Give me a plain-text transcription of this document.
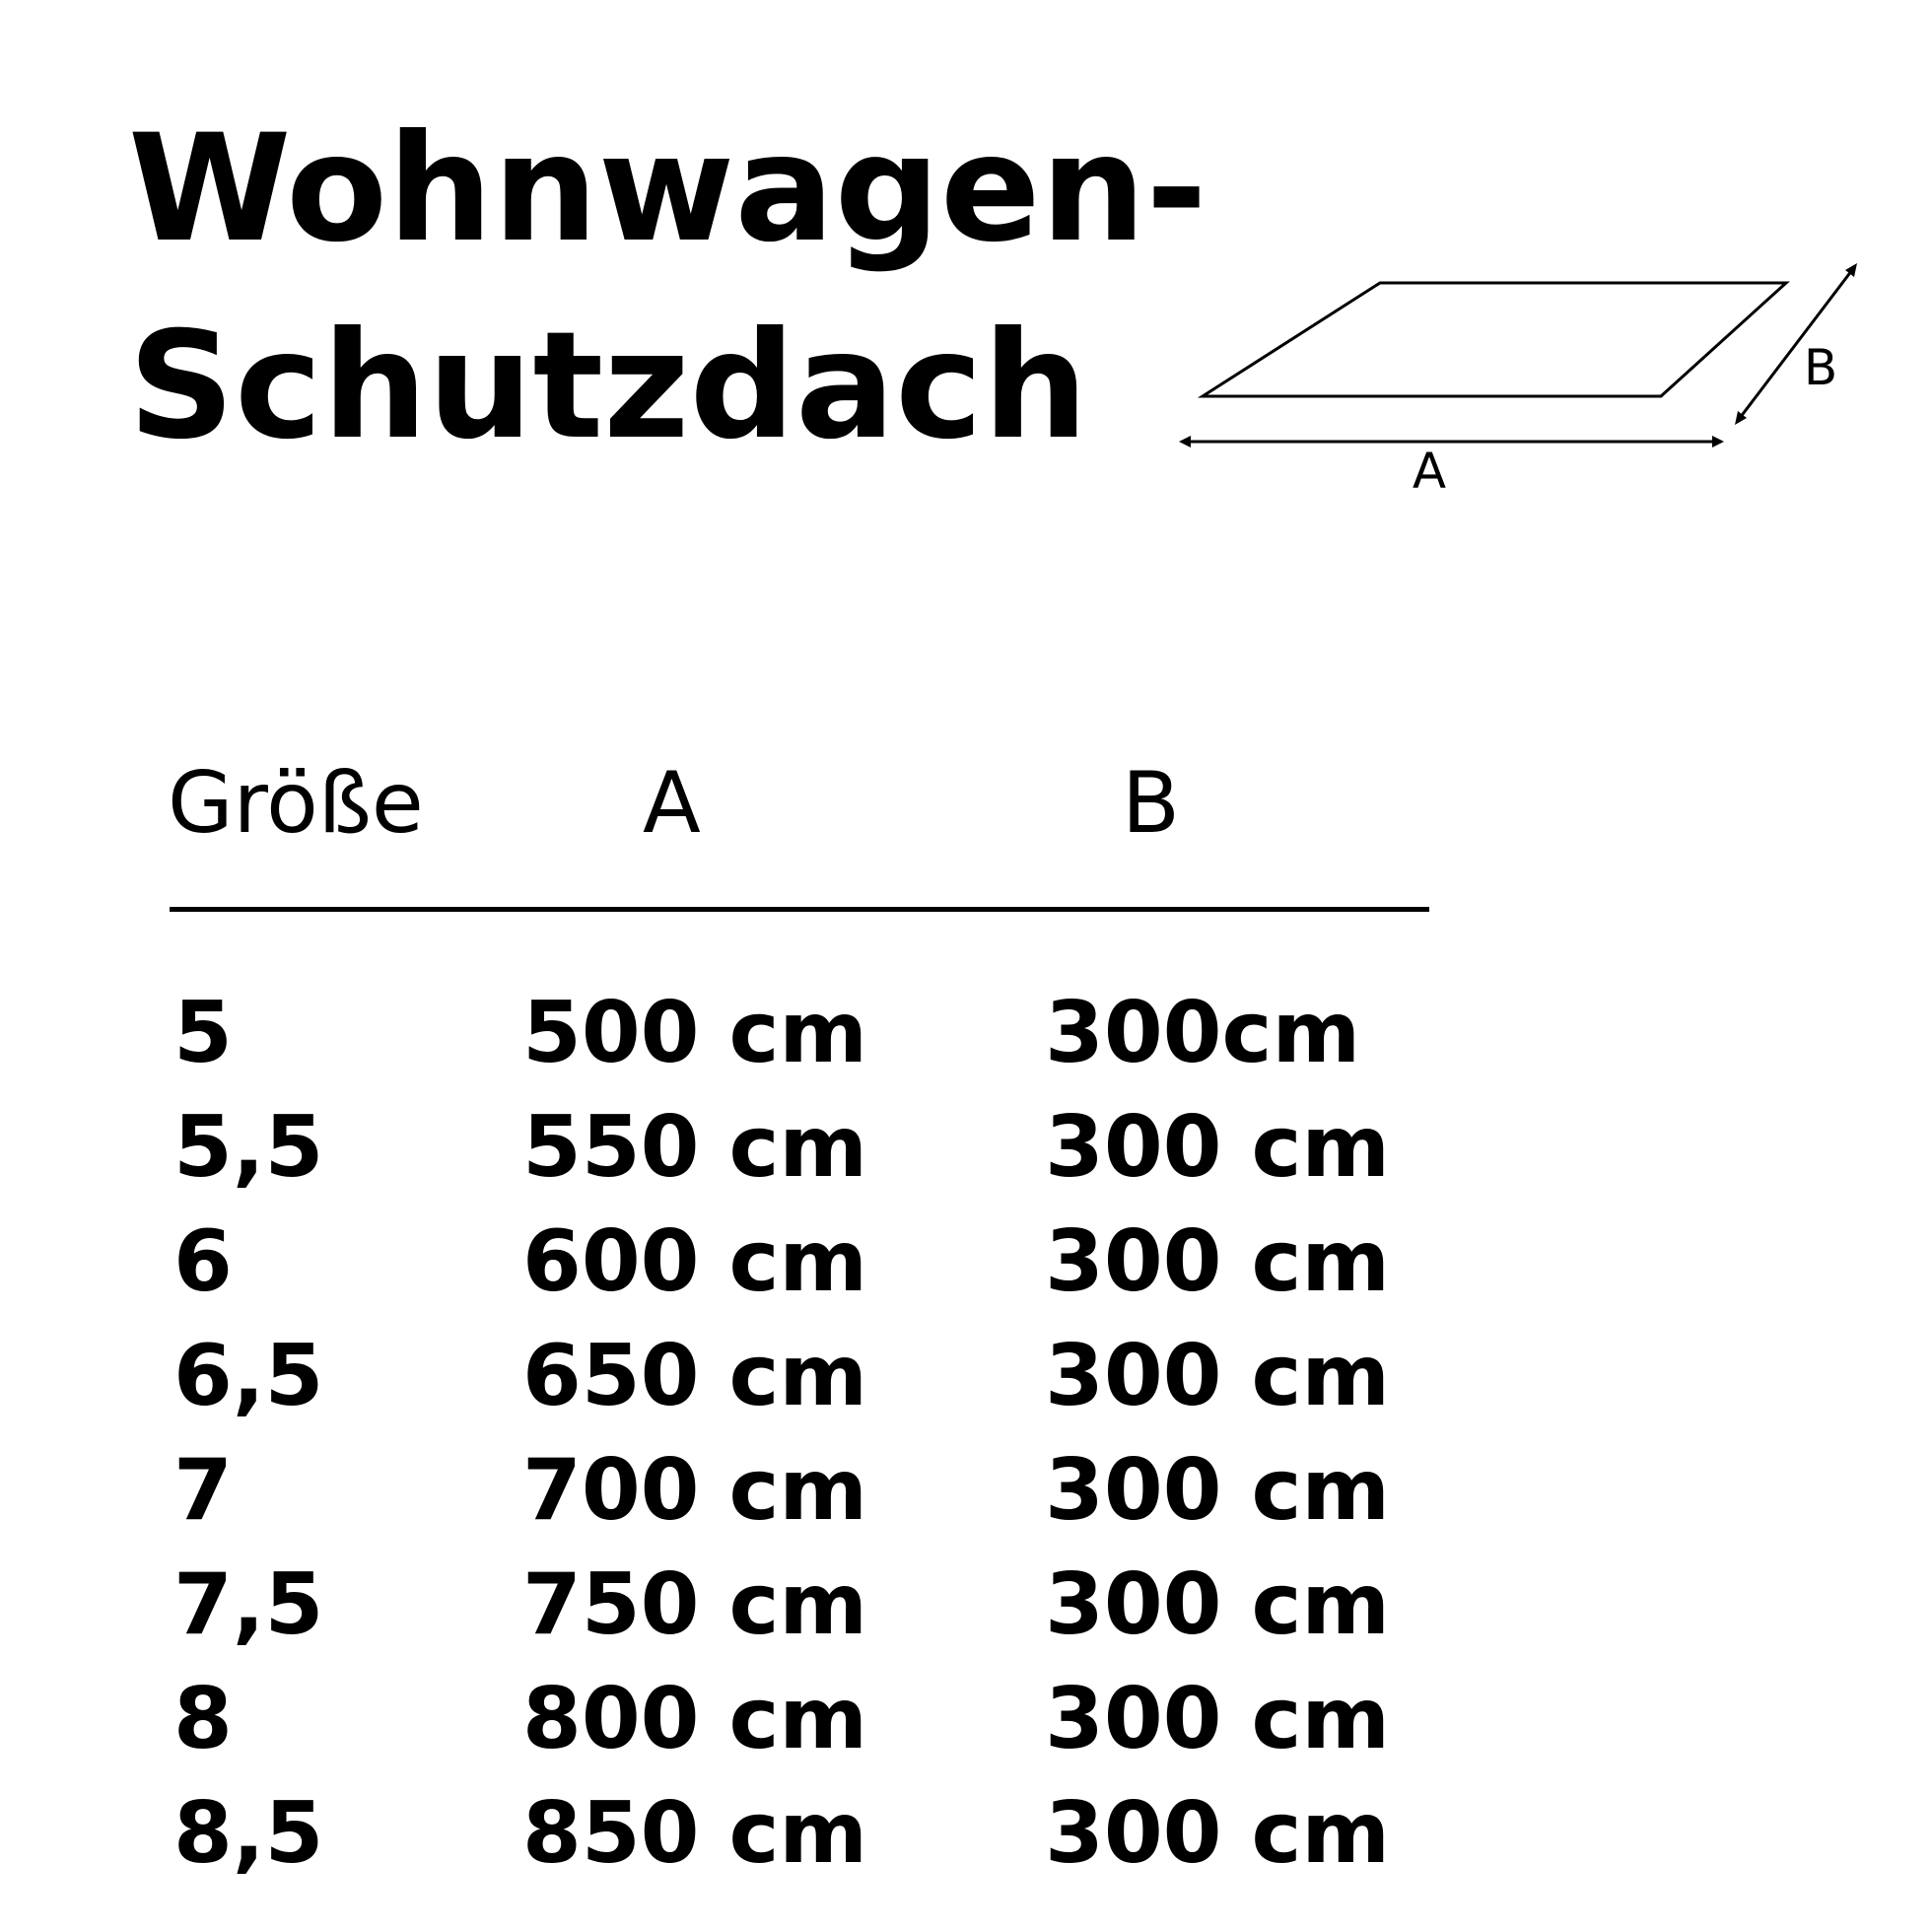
Wohnwagen-
Schutzdach	A
B
Größe	A	B
5	500 cm 300cm
5,5 550 cm 300 cm
6	600 cm 300 cm
6,5 650 cm 300 cm
7	700 cm 300 cm
7,5 750 cm 300 cm
8	800 cm 300 cm
8,5 850 cm 300 cm
